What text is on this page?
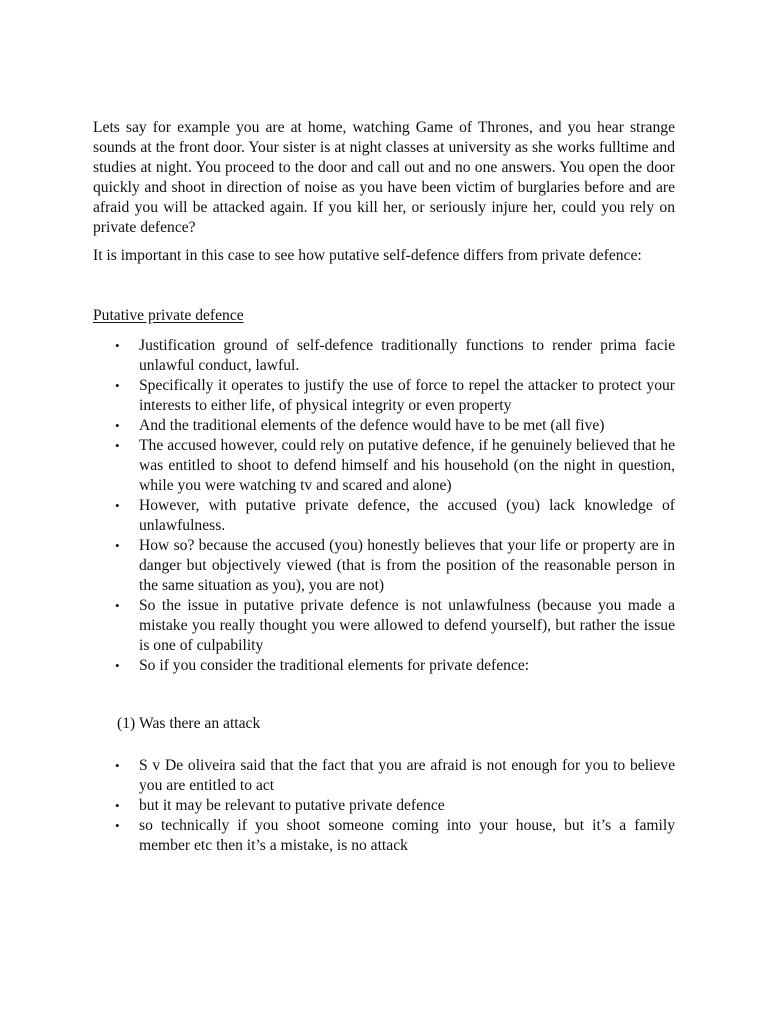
Lets say for example you are at home, watching Game of Thrones, and you hear strange sounds at the front door. Your sister is at night classes at university as she works fulltime and studies at night. You proceed to the door and call out and no one answers. You open the door quickly and shoot in direction of noise as you have been victim of burglaries before and are afraid you will be attacked again. If you kill her, or seriously injure her, could you rely on private defence?

It is important in this case to see how putative self-defence differs from private defence:

Putative private defence

• Justification ground of self-defence traditionally functions to render prima facie unlawful conduct, lawful.
• Specifically it operates to justify the use of force to repel the attacker to protect your interests to either life, of physical integrity or even property
• And the traditional elements of the defence would have to be met (all five)
• The accused however, could rely on putative defence, if he genuinely believed that he was entitled to shoot to defend himself and his household (on the night in question, while you were watching tv and scared and alone)
• However, with putative private defence, the accused (you) lack knowledge of unlawfulness.
• How so? because the accused (you) honestly believes that your life or property are in danger but objectively viewed (that is from the position of the reasonable person in the same situation as you), you are not)
• So the issue in putative private defence is not unlawfulness (because you made a mistake you really thought you were allowed to defend yourself), but rather the issue is one of culpability
• So if you consider the traditional elements for private defence:

(1) Was there an attack

• S v De oliveira said that the fact that you are afraid is not enough for you to believe you are entitled to act
• but it may be relevant to putative private defence
• so technically if you shoot someone coming into your house, but it’s a family member etc then it’s a mistake, is no attack
